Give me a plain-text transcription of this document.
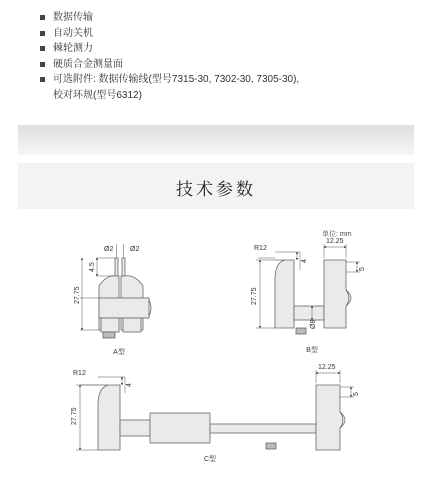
数据传输
自动关机
棘轮测力
硬质合金测量面
可选附件: 数据传输线(型号7315-30, 7302-30, 7305-30),
校对环规(型号6312)
技术参数
单位: mm
Ø2 Ø2
4.5
27.75
A型
R12
4
12.25
5
27.75
Ø8
B型
R12
4
12.25
5
27.75
C型
